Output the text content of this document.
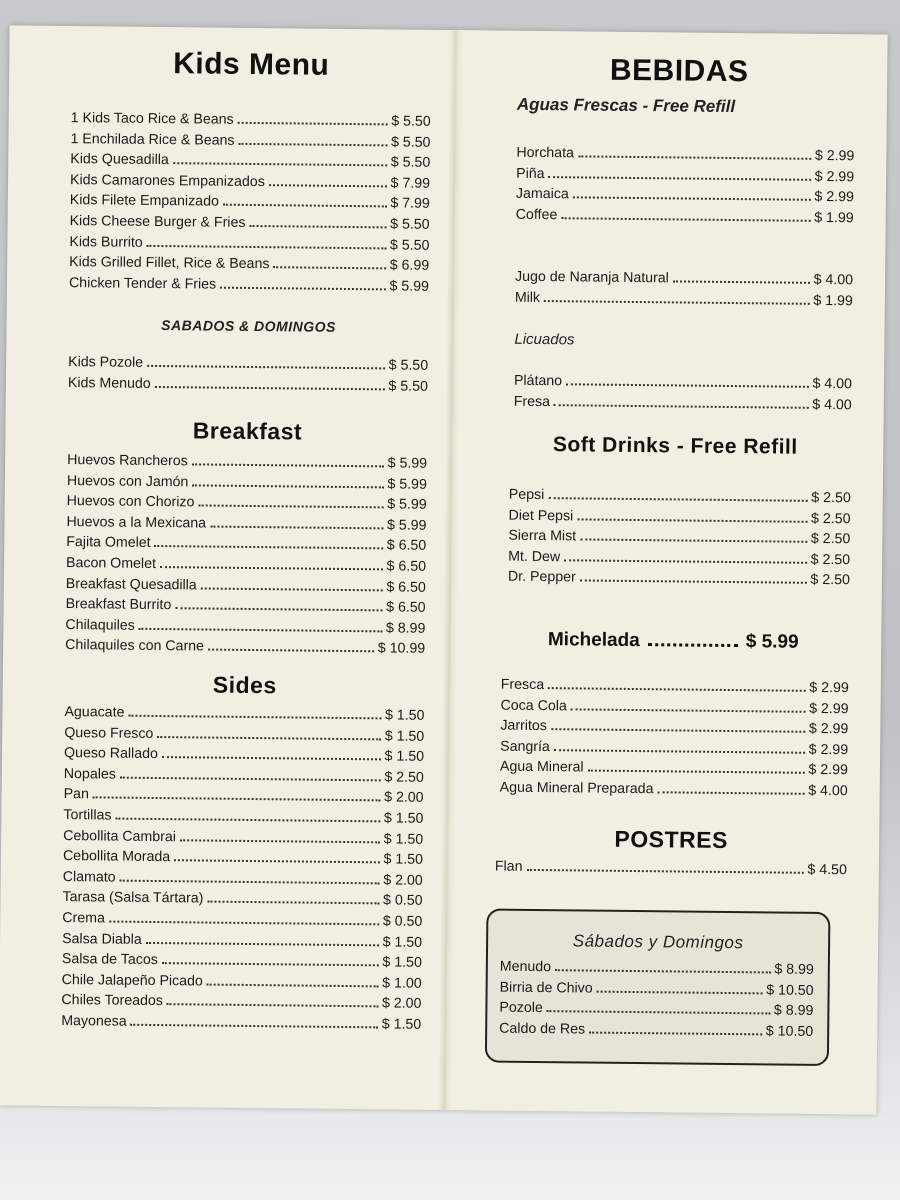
Kids Menu
1 Kids Taco Rice & Beans	$ 5.50
1 Enchilada Rice & Beans	$ 5.50
Kids Quesadilla	$ 5.50
Kids Camarones Empanizados	$ 7.99
Kids Filete Empanizado	$ 7.99
Kids Cheese Burger & Fries	$ 5.50
Kids Burrito	$ 5.50
Kids Grilled Fillet, Rice & Beans	$ 6.99
Chicken Tender & Fries	$ 5.99
SABADOS & DOMINGOS
Kids Pozole	$ 5.50
Kids Menudo	$ 5.50
Breakfast
Huevos Rancheros	$ 5.99
Huevos con Jamón	$ 5.99
Huevos con Chorizo	$ 5.99
Huevos a la Mexicana	$ 5.99
Fajita Omelet	$ 6.50
Bacon Omelet	$ 6.50
Breakfast Quesadilla	$ 6.50
Breakfast Burrito	$ 6.50
Chilaquiles	$ 8.99
Chilaquiles con Carne	$ 10.99
Sides
Aguacate	$ 1.50
Queso Fresco	$ 1.50
Queso Rallado	$ 1.50
Nopales	$ 2.50
Pan	$ 2.00
Tortillas	$ 1.50
Cebollita Cambrai	$ 1.50
Cebollita Morada	$ 1.50
Clamato	$ 2.00
Tarasa (Salsa Tártara)	$ 0.50
Crema	$ 0.50
Salsa Diabla	$ 1.50
Salsa de Tacos	$ 1.50
Chile Jalapeño Picado	$ 1.00
Chiles Toreados	$ 2.00
Mayonesa	$ 1.50
BEBIDAS
Aguas Frescas - Free Refill
Horchata	$ 2.99
Piña	$ 2.99
Jamaica	$ 2.99
Coffee	$ 1.99
Jugo de Naranja Natural	$ 4.00
Milk	$ 1.99
Licuados
Plátano	$ 4.00
Fresa	$ 4.00
Soft Drinks - Free Refill
Pepsi	$ 2.50
Diet Pepsi	$ 2.50
Sierra Mist	$ 2.50
Mt. Dew	$ 2.50
Dr. Pepper	$ 2.50
Michelada	$ 5.99
Fresca	$ 2.99
Coca Cola	$ 2.99
Jarritos	$ 2.99
Sangría	$ 2.99
Agua Mineral	$ 2.99
Agua Mineral Preparada	$ 4.00
POSTRES
Flan	$ 4.50
Sábados y Domingos
Menudo	$ 8.99
Birria de Chivo	$ 10.50
Pozole	$ 8.99
Caldo de Res	$ 10.50
